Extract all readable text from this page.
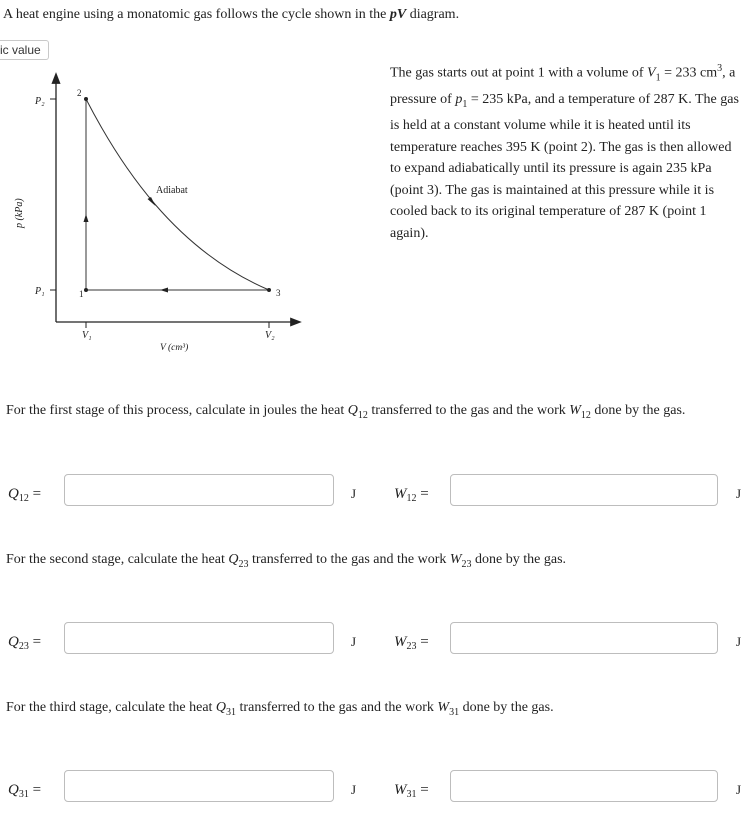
A heat engine using a monatomic gas follows the cycle shown in the pV diagram.
ic value
p (kPa)
P₂
P₁
V₁	V₂
V (cm³)
2
1	3
Adiabat
The gas starts out at point 1 with a volume of $V_1 = 233$ $cm^3$, a pressure of $p_1 = 235$ kPa, and a temperature of 287 K. The gas is held at a constant volume while it is heated until its temperature reaches 395 K (point 2). The gas is then allowed to expand adiabatically until its pressure is again 235 kPa (point 3). The gas is maintained at this pressure while it is cooled back to its original temperature of 287 K (point 1 again).
For the first stage of this process, calculate in joules the heat $Q_{12}$ transferred to the gas and the work $W_{12}$ done by the gas.
$Q_{12}$ =	J	$W_{12}$ =	J
For the second stage, calculate the heat $Q_{23}$ transferred to the gas and the work $W_{23}$ done by the gas.
$Q_{23}$ =	J	$W_{23}$ =	J
For the third stage, calculate the heat $Q_{31}$ transferred to the gas and the work $W_{31}$ done by the gas.
$Q_{31}$ =	J	$W_{31}$ =	J
